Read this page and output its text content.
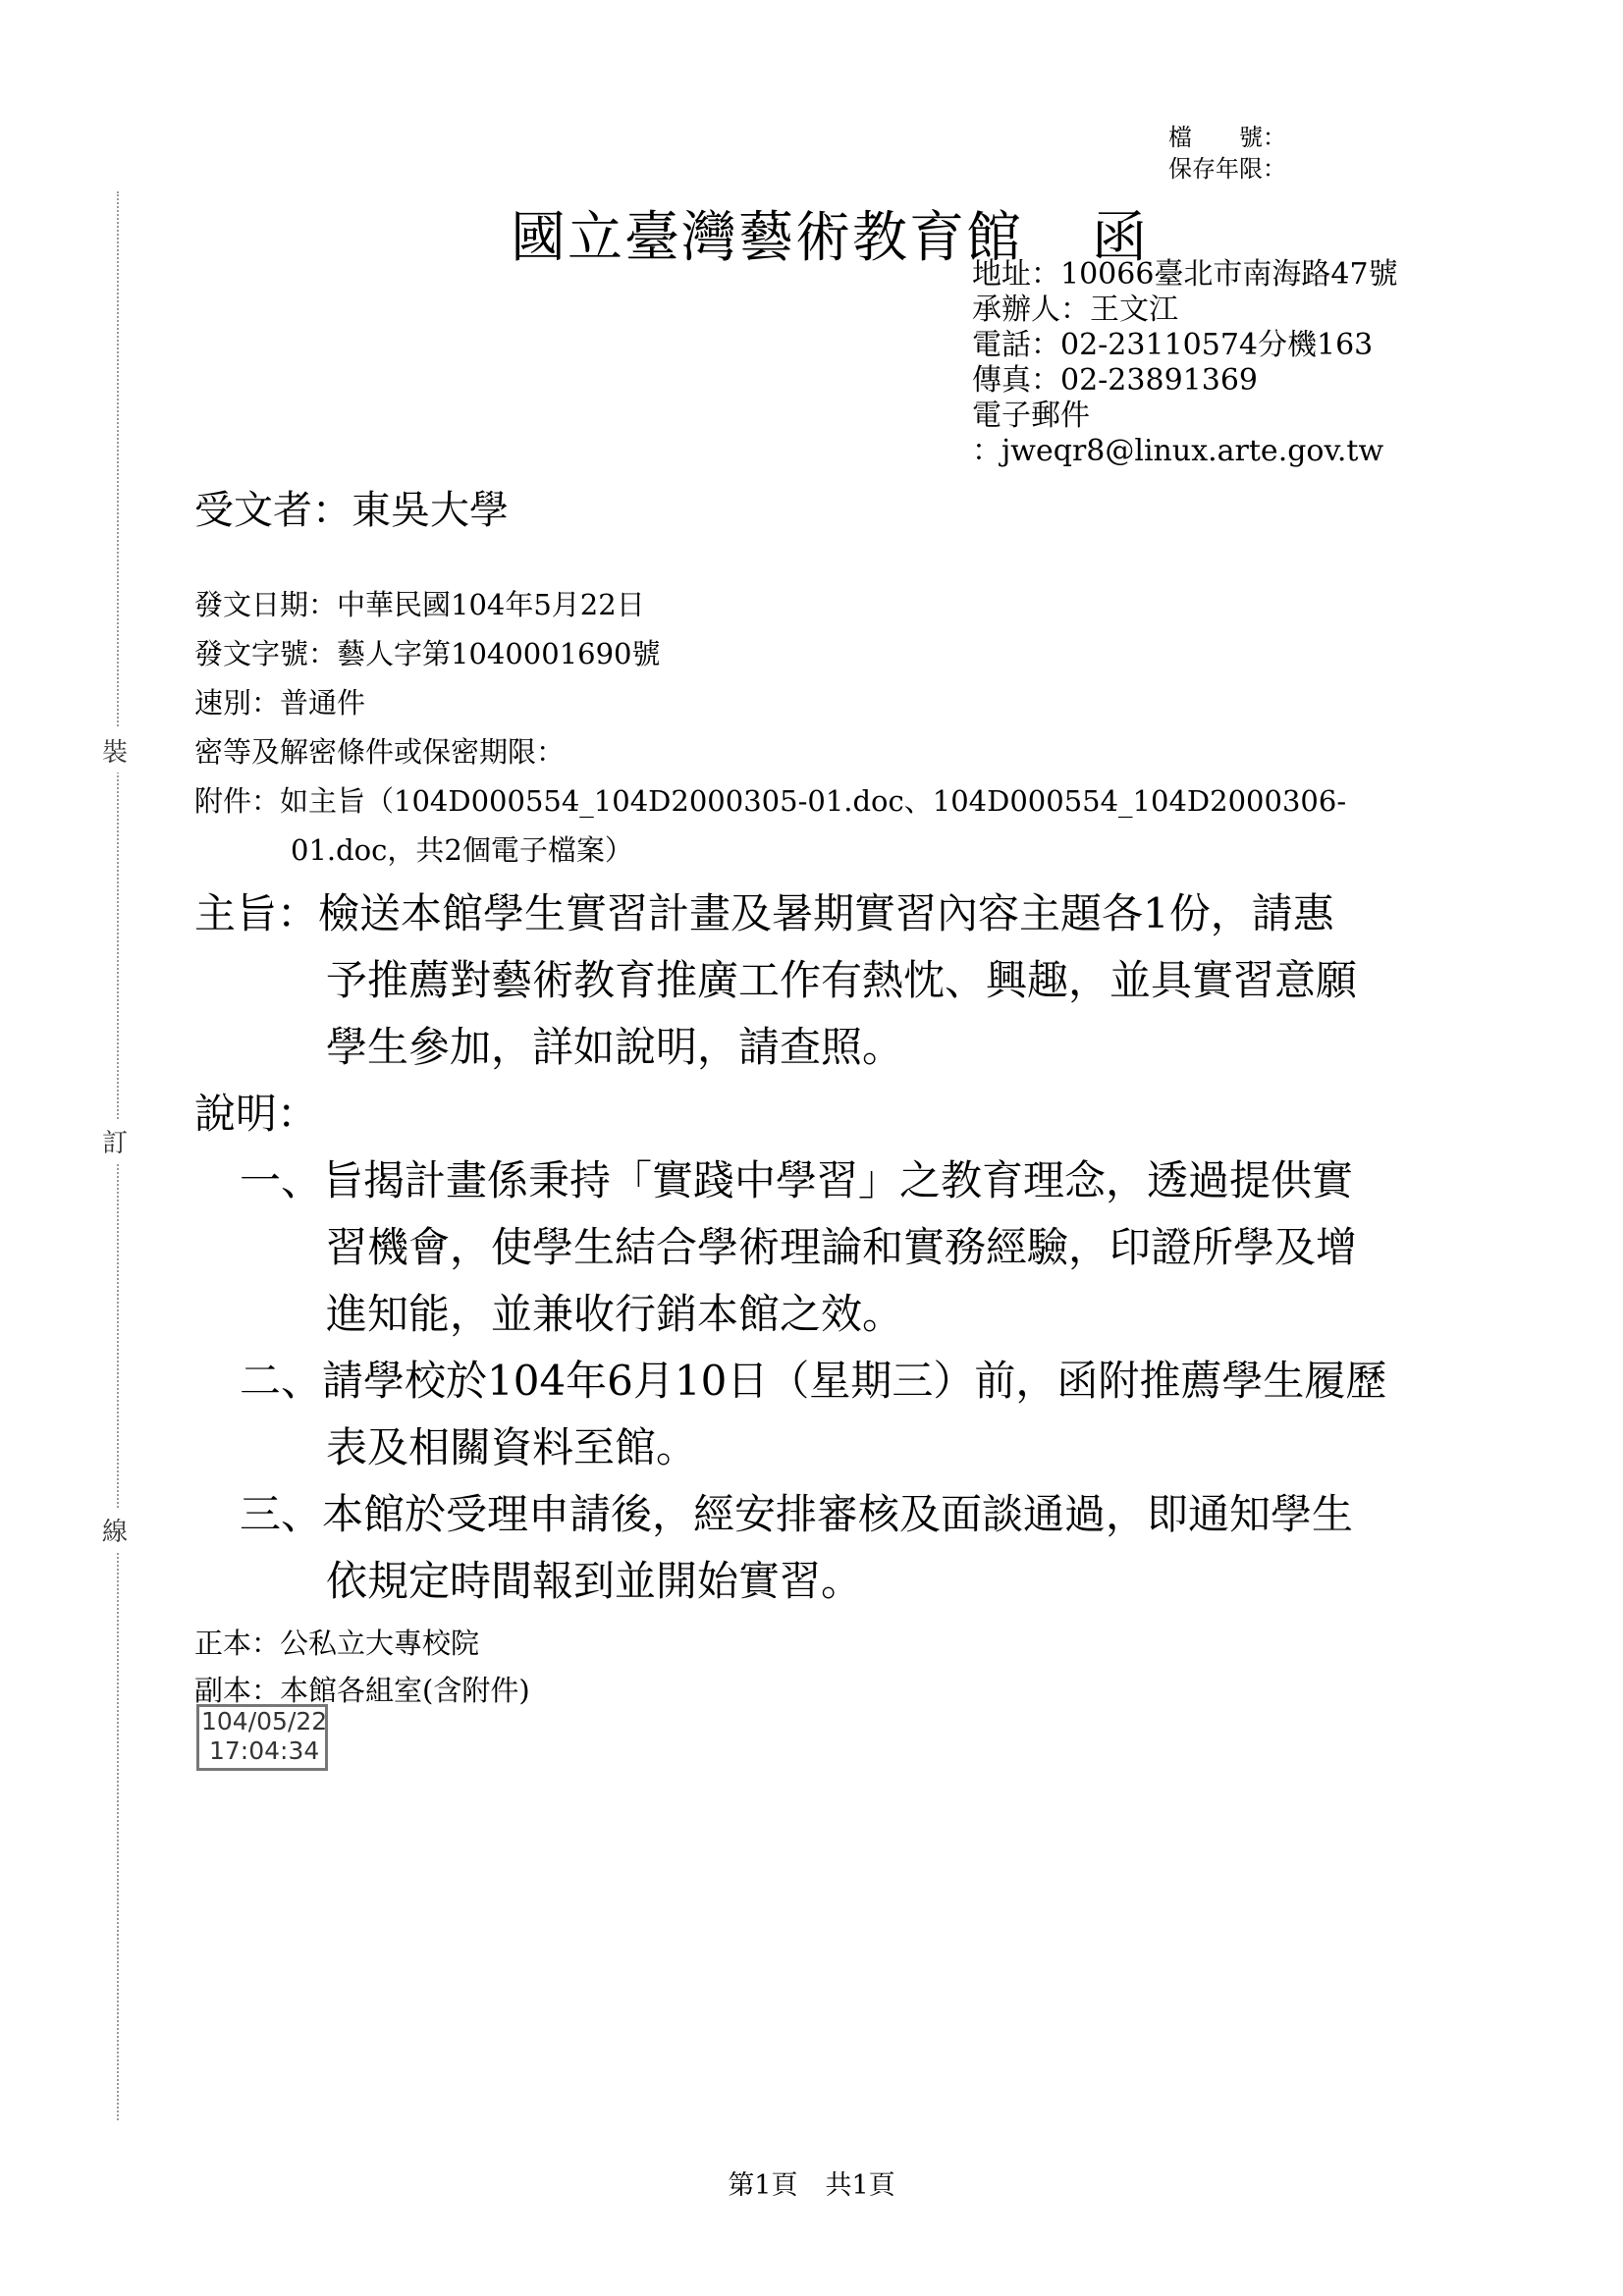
裝
訂
線
檔　　號：
保存年限：
國立臺灣藝術教育館 函
地址：10066臺北市南海路47號
承辦人：王文江
電話：02-23110574分機163
傳真：02-23891369
電子郵件
：jweqr8@linux.arte.gov.tw
受文者：東吳大學
發文日期：中華民國104年5月22日
發文字號：藝人字第1040001690號
速別：普通件
密等及解密條件或保密期限：
附件：如主旨（104D000554_104D2000305-01.doc、104D000554_104D2000306-
01.doc，共2個電子檔案）
主旨：檢送本館學生實習計畫及暑期實習內容主題各1份，請惠
予推薦對藝術教育推廣工作有熱忱、興趣，並具實習意願
學生參加，詳如說明，請查照。
說明：
一、旨揭計畫係秉持「實踐中學習」之教育理念，透過提供實
習機會，使學生結合學術理論和實務經驗，印證所學及增
進知能，並兼收行銷本館之效。
二、請學校於104年6月10日（星期三）前，函附推薦學生履歷
表及相關資料至館。
三、本館於受理申請後，經安排審核及面談通過，即通知學生
依規定時間報到並開始實習。
正本：公私立大專校院
副本：本館各組室(含附件)
104/05/22
17:04:34
第1頁 共1頁
